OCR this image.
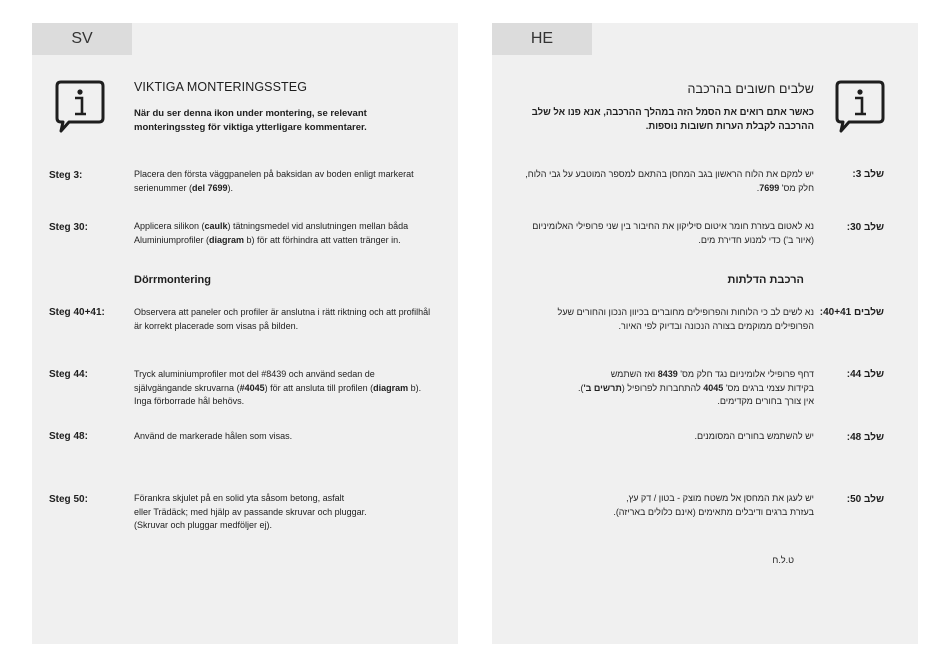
SV
VIKTIGA MONTERINGSSTEG
När du ser denna ikon under montering, se relevant monteringssteg för viktiga ytterligare kommentarer.
Steg 3:	Placera den första väggpanelen på baksidan av boden enligt markerat serienummer (del 7699).
Steg 30:	Applicera silikon (caulk) tätningsmedel vid anslutningen mellan båda Aluminiumprofiler (diagram b) för att förhindra att vatten tränger in.
Dörrmontering
Steg 40+41:	Observera att paneler och profiler är anslutna i rätt riktning och att profilhål är korrekt placerade som visas på bilden.
Steg 44:	Tryck aluminiumprofiler mot del #8439 och använd sedan de självgängande skruvarna (#4045) för att ansluta till profilen (diagram b). Inga förborrade hål behövs.
Steg 48:	Använd de markerade hålen som visas.
Steg 50:	Förankra skjulet på en solid yta såsom betong, asfalt
eller Trädäck; med hjälp av passande skruvar och pluggar.
(Skruvar och pluggar medföljer ej).
HE
שלבים חשובים בהרכבה
כאשר אתם רואים את הסמל הזה במהלך ההרכבה, אנא פנו אל שלב ההרכבה לקבלת הערות חשובות נוספות.
שלב 3:
יש למקם את הלוח הראשון בגב המחסן בהתאם למספר המוטבע על גבי הלוח, חלק מס' 7699.
שלב 30:
נא לאטום בעזרת חומר איטום סיליקון את החיבור בין שני פרופילי האלומיניום (איור ב') כדי למנוע חדירת מים.
הרכבת הדלתות
שלבים 40+41:
נא לשים לב כי הלוחות והפרופילים מחוברים בכיוון הנכון והחורים שעל הפרופילים ממוקמים בצורה הנכונה ובדיוק לפי האיור.
שלב 44:
דחף פרופילי אלומיניום נגד חלק מס' 8439 ואז השתמש
בקידות עצמי ברגים מס' 4045 להתחברות לפרופיל (תרשים ב').
אין צורך בחורים מקדימים.
שלב 48:
יש להשתמש בחורים המסומנים.
שלב 50:
יש לעגן את המחסן אל משטח מוצק - בטון / דק עץ,
בעזרת ברגים ודיבלים מתאימים (אינם כלולים באריזה).
ט.ל.ח
